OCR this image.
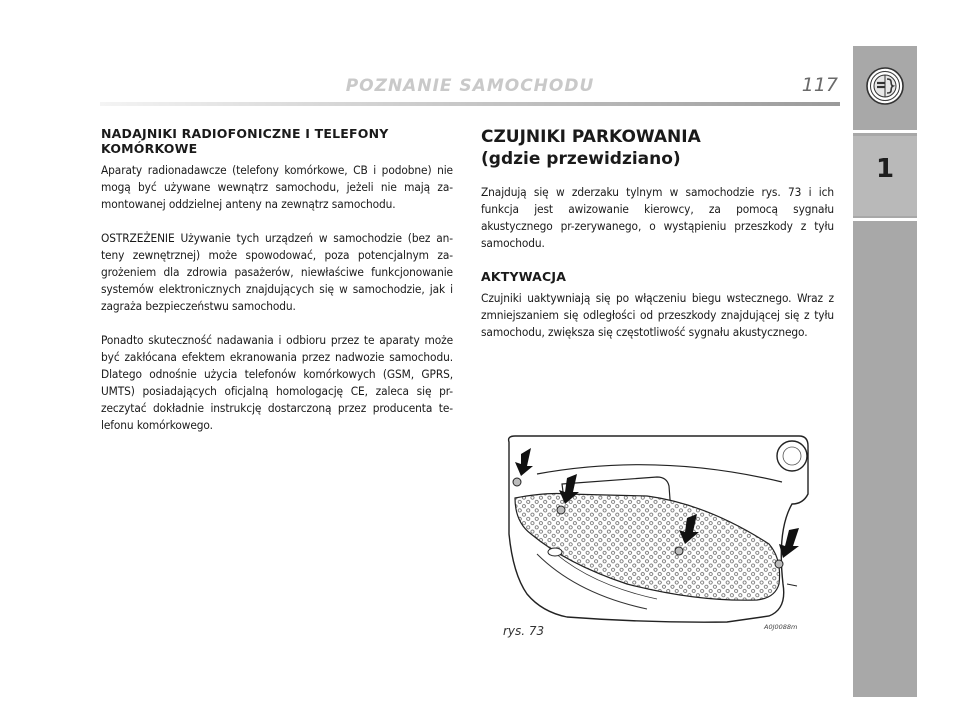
POZNANIE SAMOCHODU	117
1
NADAJNIKI RADIOFONICZNE I TELEFONY KOMÓRKOWE

Aparaty radionadawcze (telefony komórkowe, CB i podobne) nie mogą być używane wewnątrz samochodu, jeżeli nie mają za-montowanej oddzielnej anteny na zewnątrz samochodu.

OSTRZEŻENIE Używanie tych urządzeń w samochodzie (bez an-teny zewnętrznej) może spowodować, poza potencjalnym za-grożeniem dla zdrowia pasażerów, niewłaściwe funkcjonowanie systemów elektronicznych znajdujących się w samochodzie, jak i zagraża bezpieczeństwu samochodu.

Ponadto skuteczność nadawania i odbioru przez te aparaty może być zakłócana efektem ekranowania przez nadwozie samochodu. Dlatego odnośnie użycia telefonów komórkowych (GSM, GPRS, UMTS) posiadających oficjalną homologację CE, zaleca się pr-zeczytać dokładnie instrukcję dostarczoną przez producenta te-lefonu komórkowego.

CZUJNIKI PARKOWANIA
(gdzie przewidziano)

Znajdują się w zderzaku tylnym w samochodzie rys. 73 i ich funkcja jest awizowanie kierowcy, za pomocą sygnału akustycznego pr-zerywanego, o wystąpieniu przeszkody z tyłu samochodu.

AKTYWACJA

Czujniki uaktywniają się po włączeniu biegu wstecznego. Wraz z zmniejszaniem się odległości od przeszkody znajdującej się z tyłu samochodu, zwiększa się częstotliwość sygnału akustycznego.

rys. 73	A0J0088m
